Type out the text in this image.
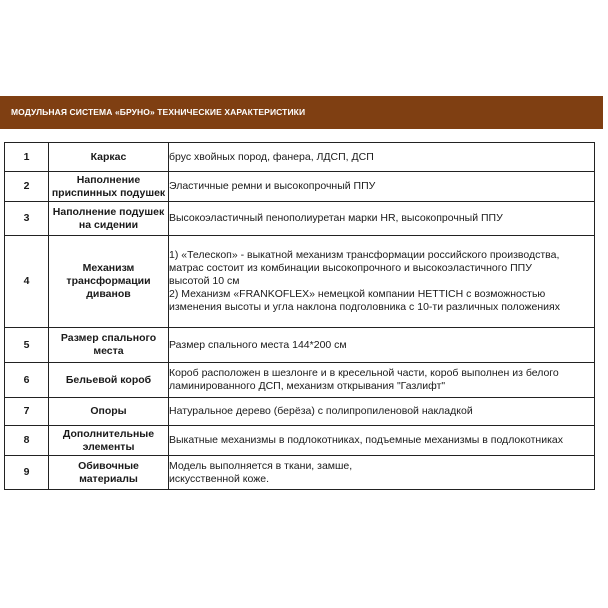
МОДУЛЬНАЯ СИСТЕМА «БРУНО» ТЕХНИЧЕСКИЕ ХАРАКТЕРИСТИКИ
1	Каркас	брус хвойных пород, фанера, ЛДСП, ДСП

2	Наполнение приспинных подушек	Эластичные ремни и высокопрочный ППУ

3	Наполнение подушек на сидении	Высокоэластичный пенополиуретан марки HR, высокопрочный ППУ

4	Механизм трансформации диванов	1) «Телескоп» - выкатной механизм трансформации российского производства,
матрас состоит из комбинации высокопрочного и высокоэластичного ППУ
высотой 10 см
2) Механизм «FRANKOFLEX» немецкой компании HETTICH с возможностью
изменения высоты и угла наклона подголовника с 10-ти различных положениях

5	Размер спального места	Размер спального места 144*200 см

6	Бельевой короб	Короб расположен в шезлонге и в кресельной части, короб выполнен из белого
ламинированного ДСП, механизм открывания "Газлифт"

7	Опоры	Натуральное дерево (берёза) с полипропиленовой накладкой

8	Дополнительные элементы	Выкатные механизмы в подлокотниках, подъемные механизмы в подлокотниках

9	Обивочные материалы	Модель выполняется в ткани, замше,
искусственной коже.
